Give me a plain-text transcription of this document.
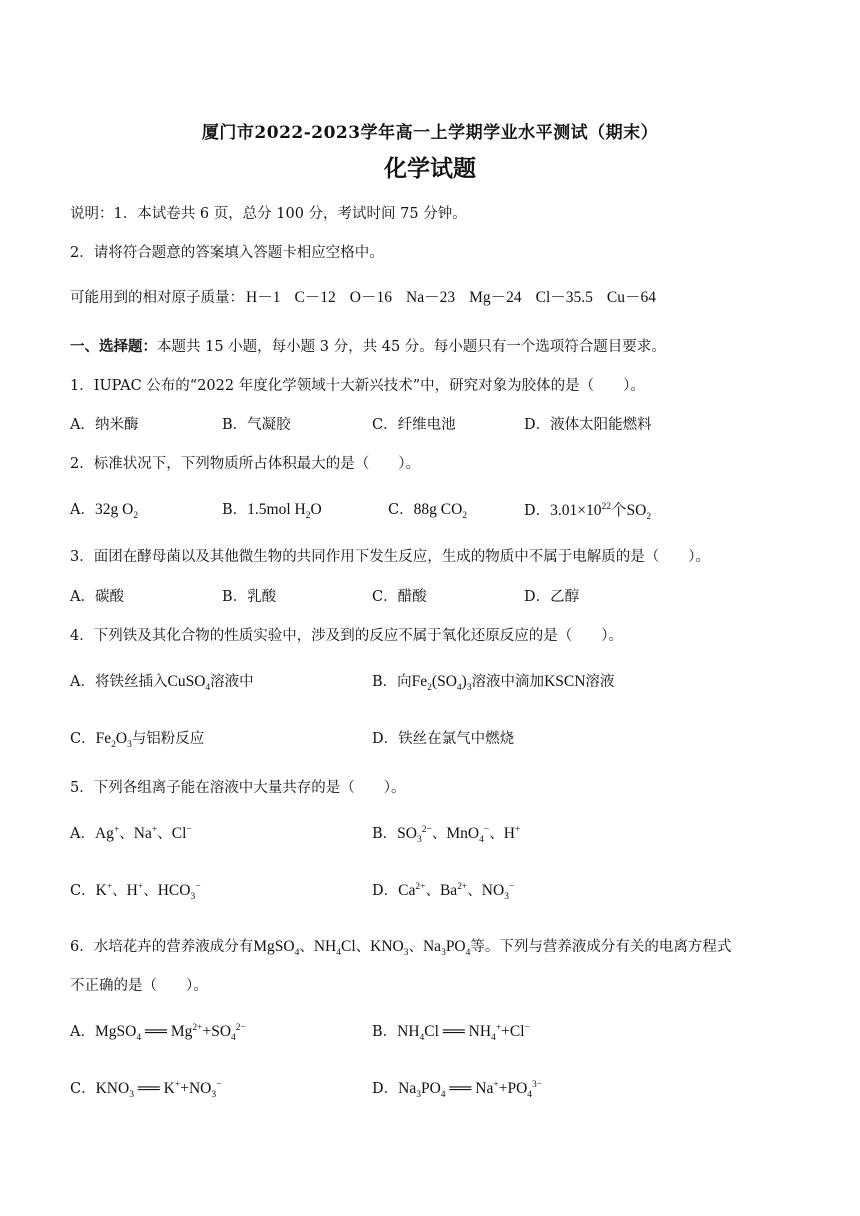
厦门市2022-2023学年高一上学期学业水平测试（期末）
化学试题
说明：1．本试卷共 6 页，总分 100 分，考试时间 75 分钟。
2．请将符合题意的答案填入答题卡相应空格中。
可能用到的相对原子质量： H－1 C－12 O－16 Na－23 Mg－24 Cl－35.5 Cu－64
一、选择题：本题共 15 小题，每小题 3 分，共 45 分。每小题只有一个选项符合题目要求。
1．IUPAC 公布的“2022 年度化学领域十大新兴技术”中，研究对象为胶体的是（　　）。
A．纳米酶	B．气凝胶	C．纤维电池	D．液体太阳能燃料
2．标准状况下，下列物质所占体积最大的是（　　）。
A．32g $O_2$	B．1.5mol $H_2O$	C．88g $CO_2$	D．$3.01\times 10^{22}$个$SO_2$
3．面团在酵母菌以及其他微生物的共同作用下发生反应，生成的物质中不属于电解质的是（　　）。
A．碳酸	B．乳酸	C．醋酸	D．乙醇
4．下列铁及其化合物的性质实验中，涉及到的反应不属于氧化还原反应的是（　　）。
A．将铁丝插入CuSO$_4$溶液中	B．向$Fe_2(SO_4)_3$溶液中滴加KSCN溶液
C．$Fe_2O_3$与铝粉反应	D．铁丝在氯气中燃烧
5．下列各组离子能在溶液中大量共存的是（　　）。
A．Ag+、Na+、Cl−	B．$SO_3^{2-}$、MnO$_4$−、H+
C．K+、H+、$HCO_3^-$	D．$Ca^{2+}$、$Ba^{2+}$、$NO_3^-$
6．水培花卉的营养液成分有MgSO$_4$、$NH_4Cl$、$KNO_3$、$Na_3PO_4$等。下列与营养液成分有关的电离方程式
不正确的是（　　）。
A．MgSO$_4$ ══ $Mg^{2+}+SO_4^{2-}$	B．$NH_4Cl$ ══ $NH_4^++Cl^-$
C．$KNO_3$ ══ $K^++NO_3^-$	D．$Na_3PO_4$ ══ $Na^++PO_4^{3-}$
